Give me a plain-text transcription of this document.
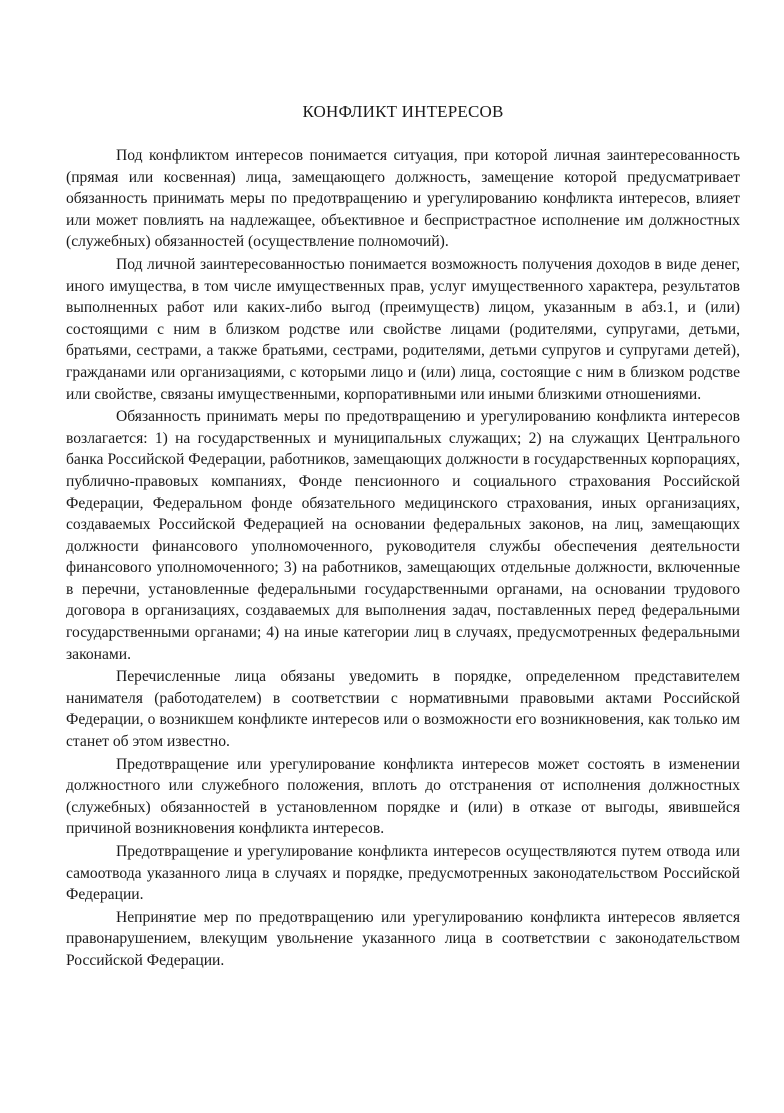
КОНФЛИКТ ИНТЕРЕСОВ

Под конфликтом интересов понимается ситуация, при которой личная заинтересованность (прямая или косвенная) лица, замещающего должность, замещение которой предусматривает обязанность принимать меры по предотвращению и урегулированию конфликта интересов, влияет или может повлиять на надлежащее, объективное и беспристрастное исполнение им должностных (служебных) обязанностей (осуществление полномочий).

Под личной заинтересованностью понимается возможность получения доходов в виде денег, иного имущества, в том числе имущественных прав, услуг имущественного характера, результатов выполненных работ или каких-либо выгод (преимуществ) лицом, указанным в абз.1, и (или) состоящими с ним в близком родстве или свойстве лицами (родителями, супругами, детьми, братьями, сестрами, а также братьями, сестрами, родителями, детьми супругов и супругами детей), гражданами или организациями, с которыми лицо и (или) лица, состоящие с ним в близком родстве или свойстве, связаны имущественными, корпоративными или иными близкими отношениями.

Обязанность принимать меры по предотвращению и урегулированию конфликта интересов возлагается: 1) на государственных и муниципальных служащих; 2) на служащих Центрального банка Российской Федерации, работников, замещающих должности в государственных корпорациях, публично-правовых компаниях, Фонде пенсионного и социального страхования Российской Федерации, Федеральном фонде обязательного медицинского страхования, иных организациях, создаваемых Российской Федерацией на основании федеральных законов, на лиц, замещающих должности финансового уполномоченного, руководителя службы обеспечения деятельности финансового уполномоченного; 3) на работников, замещающих отдельные должности, включенные в перечни, установленные федеральными государственными органами, на основании трудового договора в организациях, создаваемых для выполнения задач, поставленных перед федеральными государственными органами; 4) на иные категории лиц в случаях, предусмотренных федеральными законами.

Перечисленные лица обязаны уведомить в порядке, определенном представителем нанимателя (работодателем) в соответствии с нормативными правовыми актами Российской Федерации, о возникшем конфликте интересов или о возможности его возникновения, как только им станет об этом известно.

Предотвращение или урегулирование конфликта интересов может состоять в изменении должностного или служебного положения, вплоть до отстранения от исполнения должностных (служебных) обязанностей в установленном порядке и (или) в отказе от выгоды, явившейся причиной возникновения конфликта интересов.

Предотвращение и урегулирование конфликта интересов осуществляются путем отвода или самоотвода указанного лица в случаях и порядке, предусмотренных законодательством Российской Федерации.

Непринятие мер по предотвращению или урегулированию конфликта интересов является правонарушением, влекущим увольнение указанного лица в соответствии с законодательством Российской Федерации.
